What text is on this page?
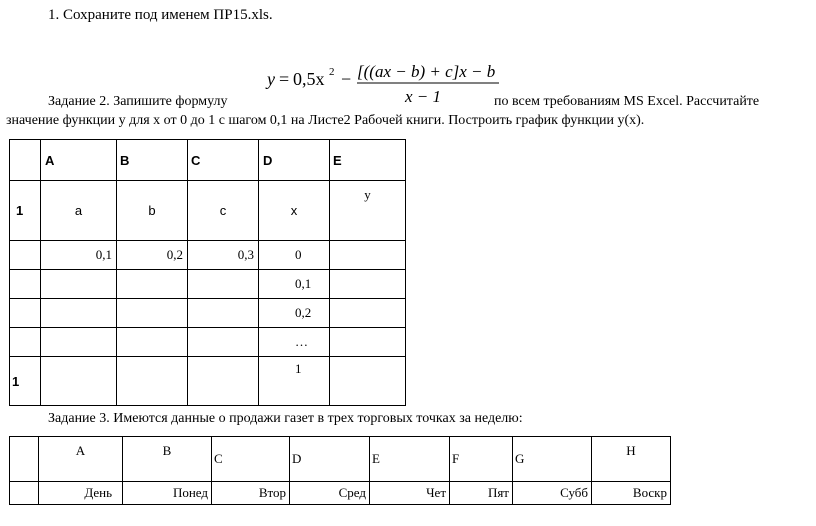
1. Сохраните под именем ПР15.xls.
y = 0,5x 2 − [((ax − b) + c]x − b
x − 1
Задание 2. Запишите формулу	по всем требованиям MS Excel. Рассчитайте
значение функции у для х от 0 до 1 с шагом 0,1 на Листе2 Рабочей книги. Построить график функции у(х).
	A	B	C	D	E
1	a	b	c	x	y
	0,1	0,2	0,3	0	
				0,1	
				0,2	
				…	
1				1	
Задание 3. Имеются данные о продажи газет в трех торговых точках за неделю:
	A	B	C	D	E	F	G	H
	День	Понед	Втор	Сред	Чет	Пят	Субб	Воскр
